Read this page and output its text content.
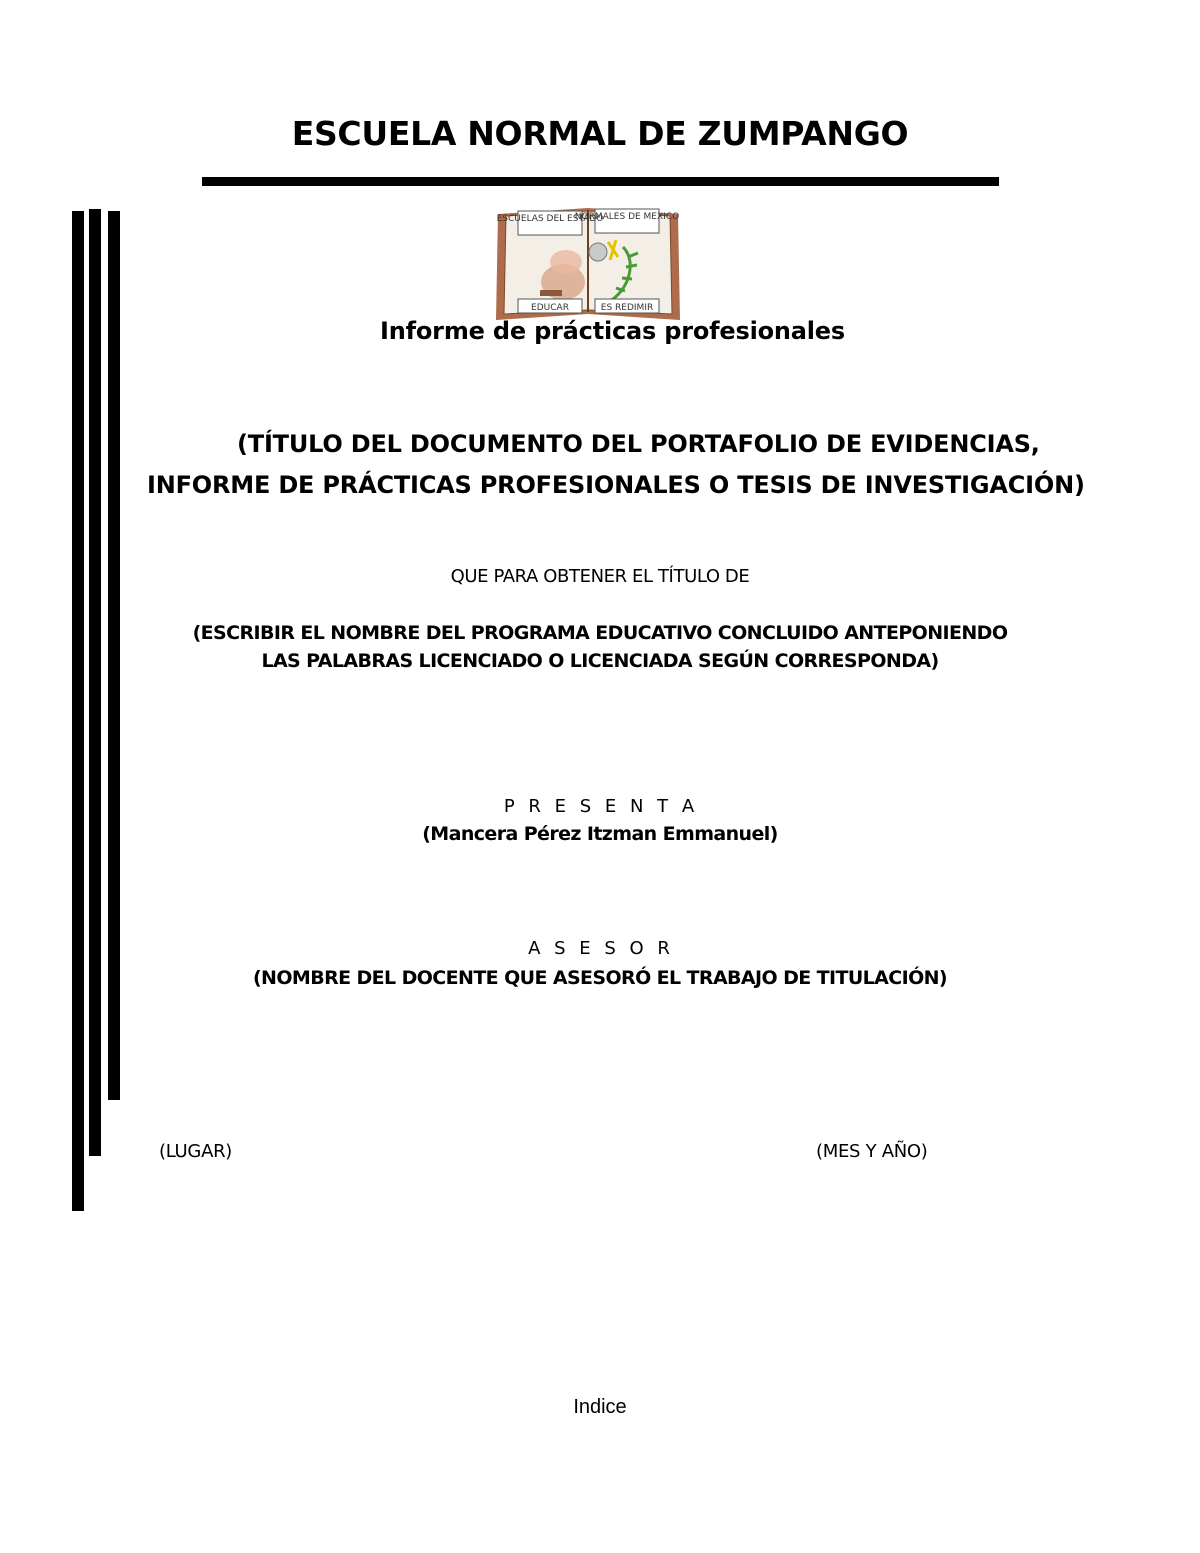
ESCUELA NORMAL DE ZUMPANGO
ESCUELAS DEL ESTADO
NORMALES DE MEXICO
EDUCAR	ES REDIMIR
Informe de prácticas profesionales
(TÍTULO DEL DOCUMENTO DEL PORTAFOLIO DE EVIDENCIAS,
INFORME DE PRÁCTICAS PROFESIONALES O TESIS DE INVESTIGACIÓN)
QUE PARA OBTENER EL TÍTULO DE
(ESCRIBIR EL NOMBRE DEL PROGRAMA EDUCATIVO CONCLUIDO ANTEPONIENDO
LAS PALABRAS LICENCIADO O LICENCIADA SEGÚN CORRESPONDA)
P R E S E N T A
(Mancera Pérez Itzman Emmanuel)
A S E S O R
(NOMBRE DEL DOCENTE QUE ASESORÓ EL TRABAJO DE TITULACIÓN)
(LUGAR)	(MES Y AÑO)
Indice
